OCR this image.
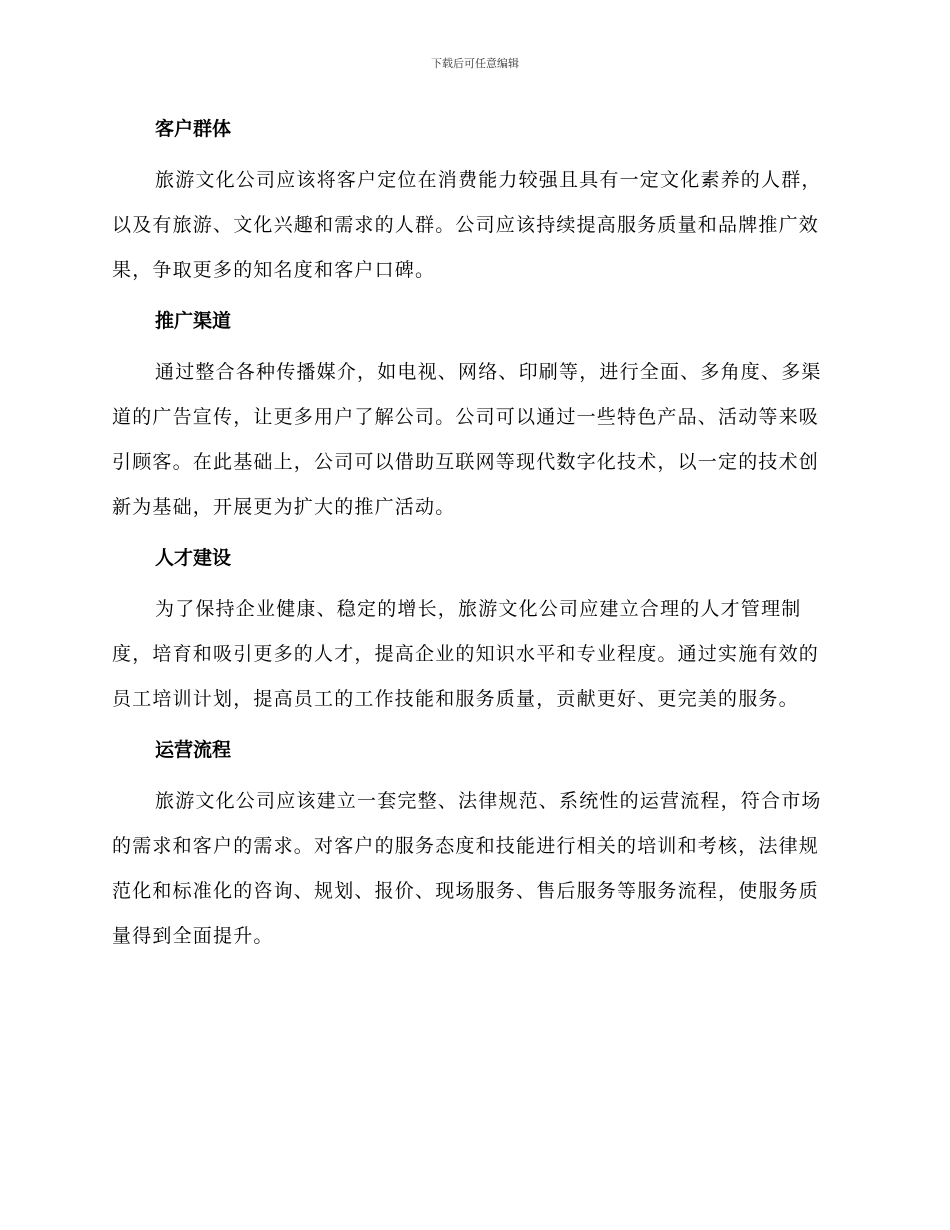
下载后可任意编辑
客户群体

旅游文化公司应该将客户定位在消费能力较强且具有一定文化素养的人群，以及有旅游、文化兴趣和需求的人群。公司应该持续提高服务质量和品牌推广效果，争取更多的知名度和客户口碑。

推广渠道

通过整合各种传播媒介，如电视、网络、印刷等，进行全面、多角度、多渠道的广告宣传，让更多用户了解公司。公司可以通过一些特色产品、活动等来吸引顾客。在此基础上，公司可以借助互联网等现代数字化技术，以一定的技术创新为基础，开展更为扩大的推广活动。

人才建设

为了保持企业健康、稳定的增长，旅游文化公司应建立合理的人才管理制度，培育和吸引更多的人才，提高企业的知识水平和专业程度。通过实施有效的员工培训计划，提高员工的工作技能和服务质量，贡献更好、更完美的服务。

运营流程

旅游文化公司应该建立一套完整、法律规范、系统性的运营流程，符合市场的需求和客户的需求。对客户的服务态度和技能进行相关的培训和考核，法律规范化和标准化的咨询、规划、报价、现场服务、售后服务等服务流程，使服务质量得到全面提升。
